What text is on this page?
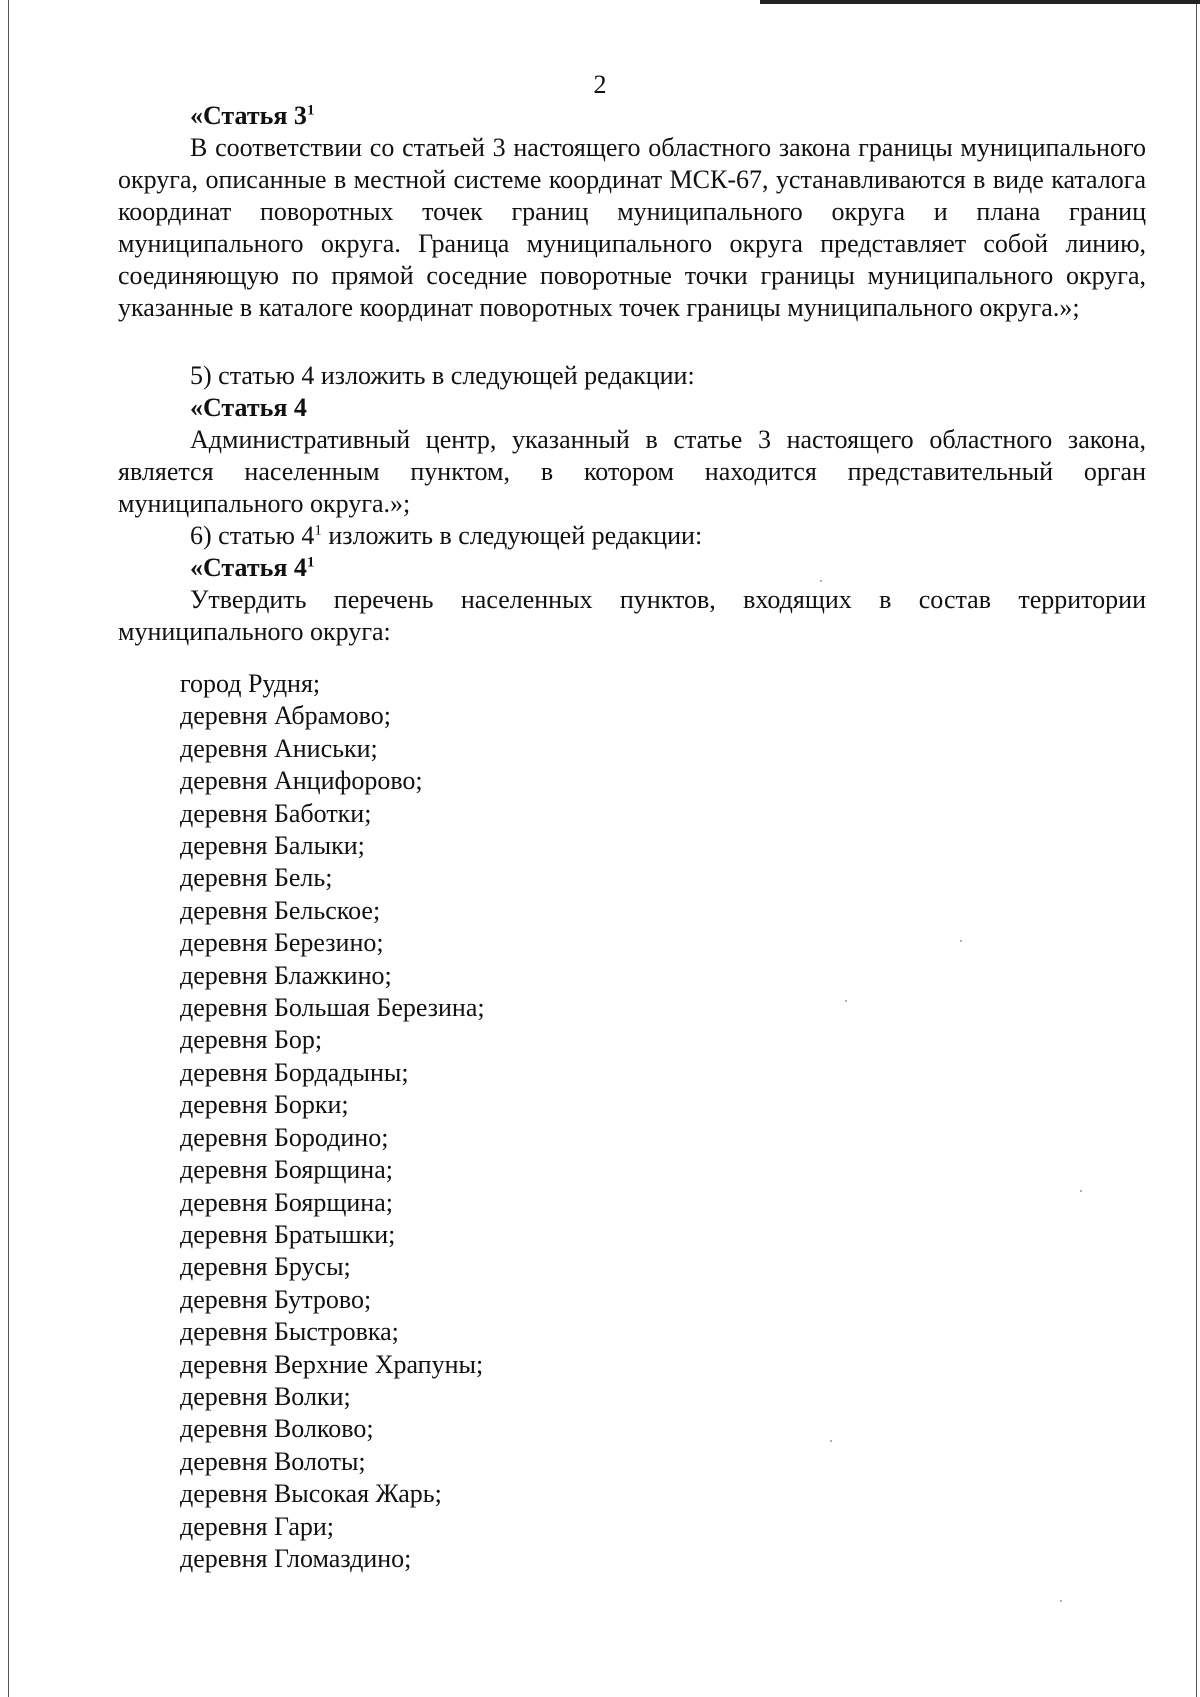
2
«Статья $3^1$
В соответствии со статьей 3 настоящего областного закона границы муниципального округа, описанные в местной системе координат МСК-67, устанавливаются в виде каталога координат поворотных точек границ муниципального округа и плана границ муниципального округа. Граница муниципального округа представляет собой линию, соединяющую по прямой соседние поворотные точки границы муниципального округа, указанные в каталоге координат поворотных точек границы муниципального округа.»;
5) статью 4 изложить в следующей редакции:
«Статья 4
Административный центр, указанный в статье 3 настоящего областного закона, является населенным пунктом, в котором находится представительный орган муниципального округа.»;
6) статью $4^1$ изложить в следующей редакции:
«Статья $4^1$
Утвердить перечень населенных пунктов, входящих в состав территории муниципального округа:
город Рудня;
деревня Абрамово;
деревня Аниськи;
деревня Анцифорово;
деревня Баботки;
деревня Балыки;
деревня Бель;
деревня Бельское;
деревня Березино;
деревня Блажкино;
деревня Большая Березина;
деревня Бор;
деревня Бордадыны;
деревня Борки;
деревня Бородино;
деревня Боярщина;
деревня Боярщина;
деревня Братышки;
деревня Брусы;
деревня Бутрово;
деревня Быстровка;
деревня Верхние Храпуны;
деревня Волки;
деревня Волково;
деревня Волоты;
деревня Высокая Жарь;
деревня Гари;
деревня Гломаздино;
